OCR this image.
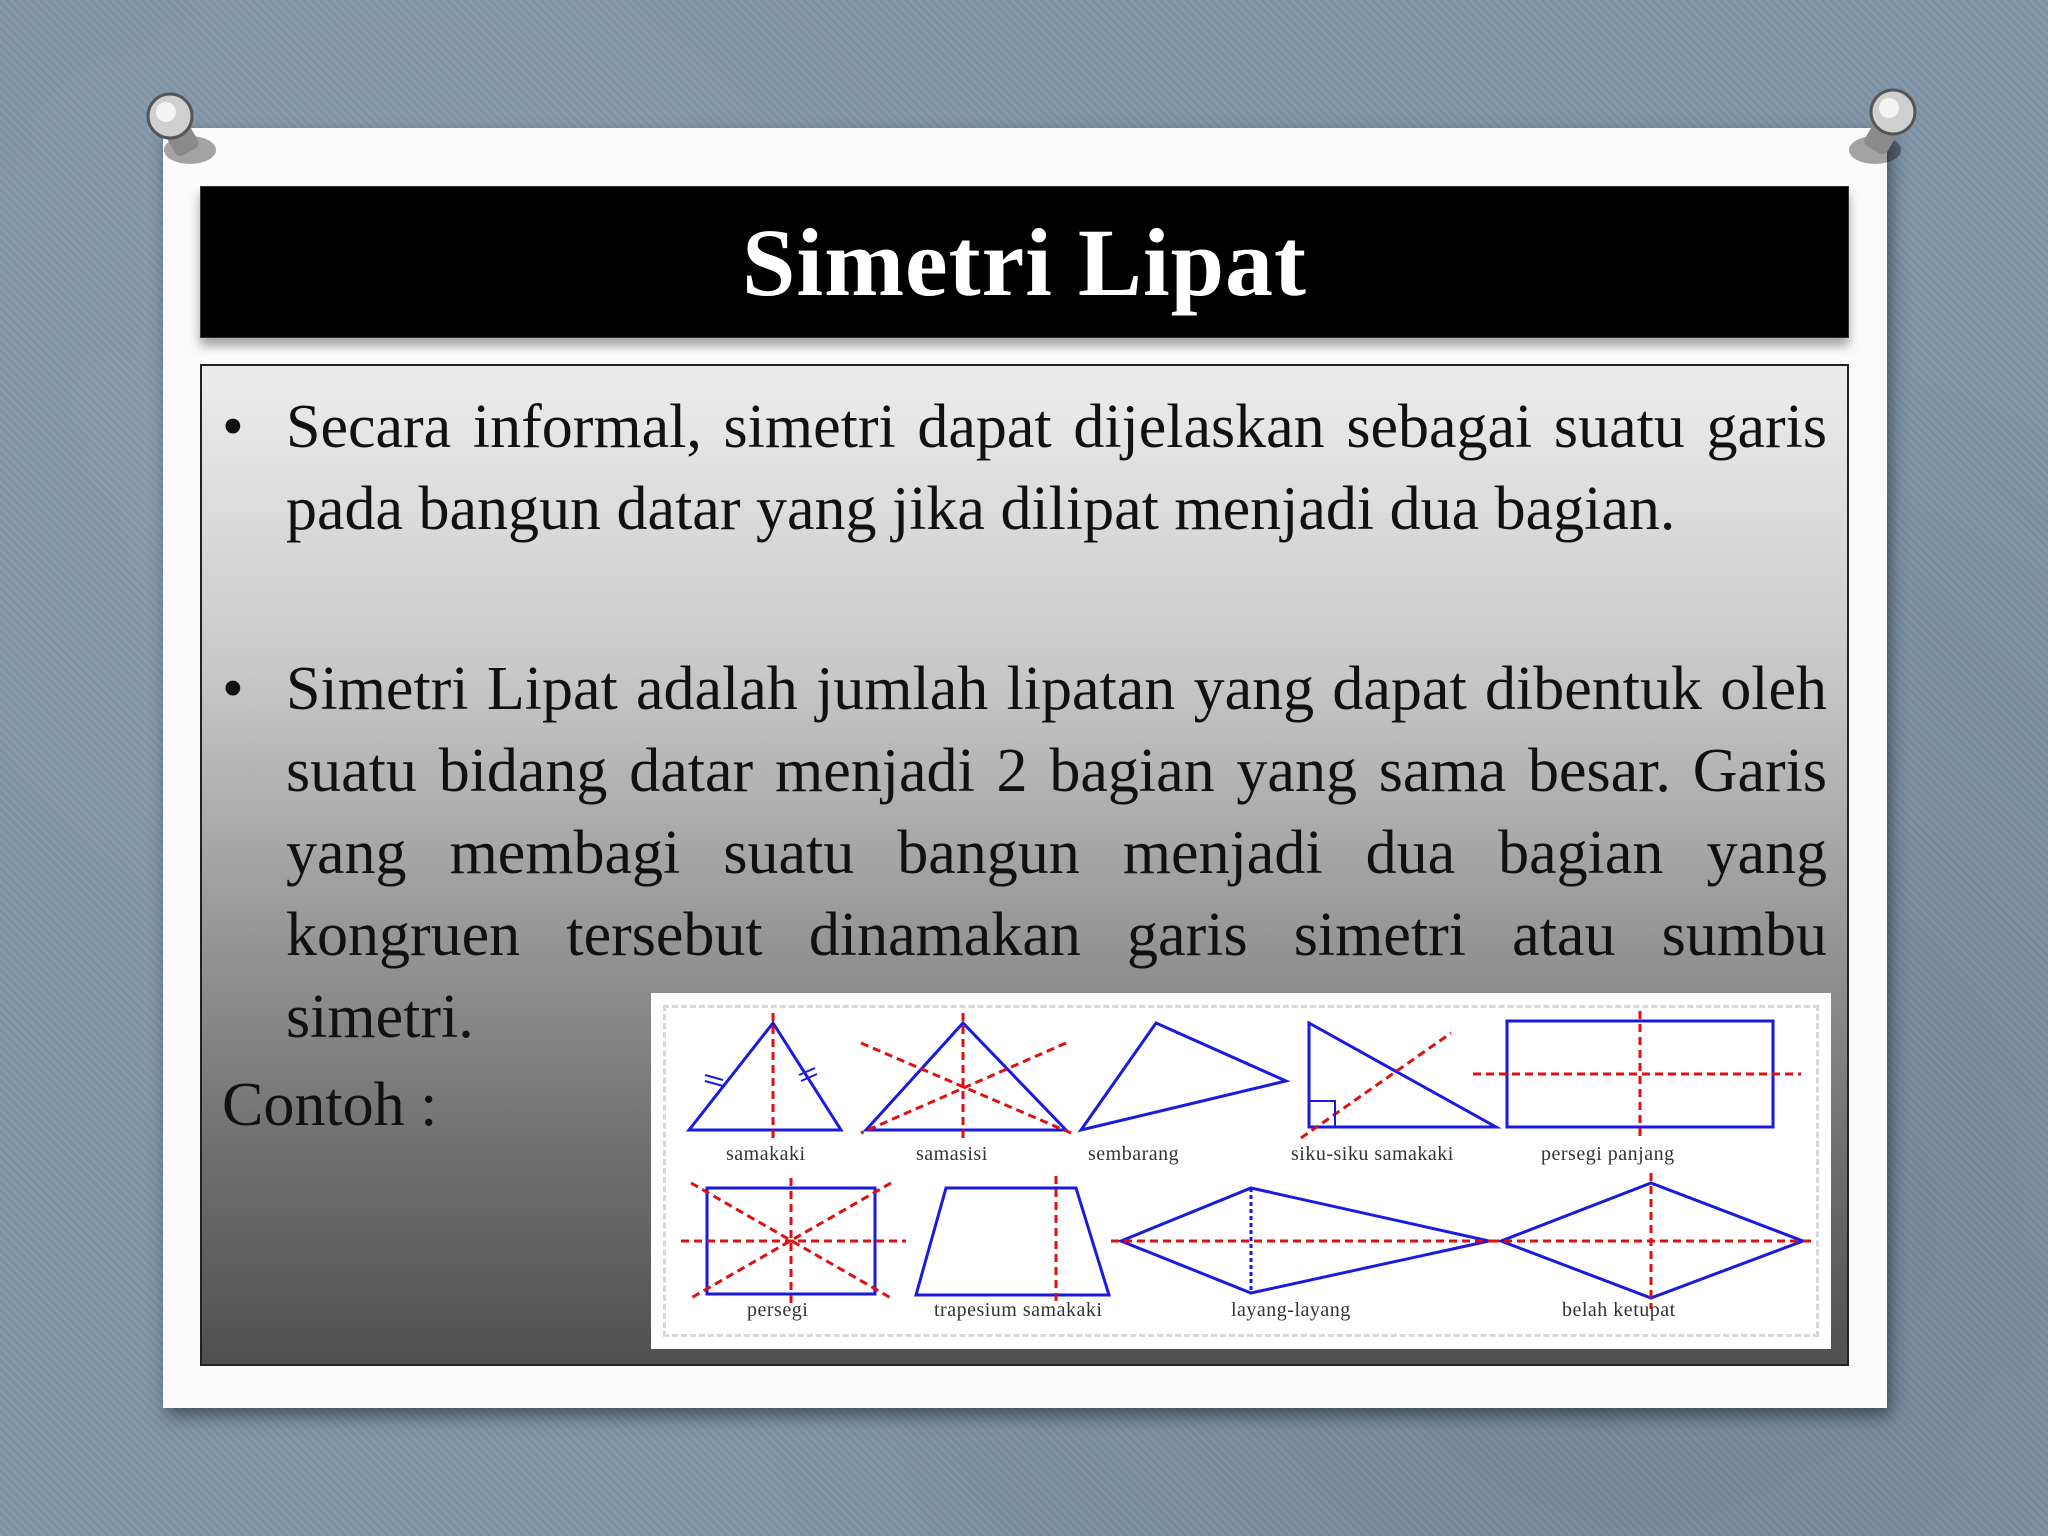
Simetri Lipat
• Secara informal, simetri dapat dijelaskan sebagai suatu garis pada bangun datar yang jika dilipat menjadi dua bagian.
• Simetri Lipat adalah jumlah lipatan yang dapat dibentuk oleh suatu bidang datar menjadi 2 bagian yang sama besar. Garis yang membagi suatu bangun menjadi dua bagian yang kongruen tersebut dinamakan garis simetri atau sumbu simetri.
Contoh :
samakaki	samasisi	sembarang	siku-siku samakaki	persegi panjang
persegi	trapesium samakaki	layang-layang	belah ketupat
